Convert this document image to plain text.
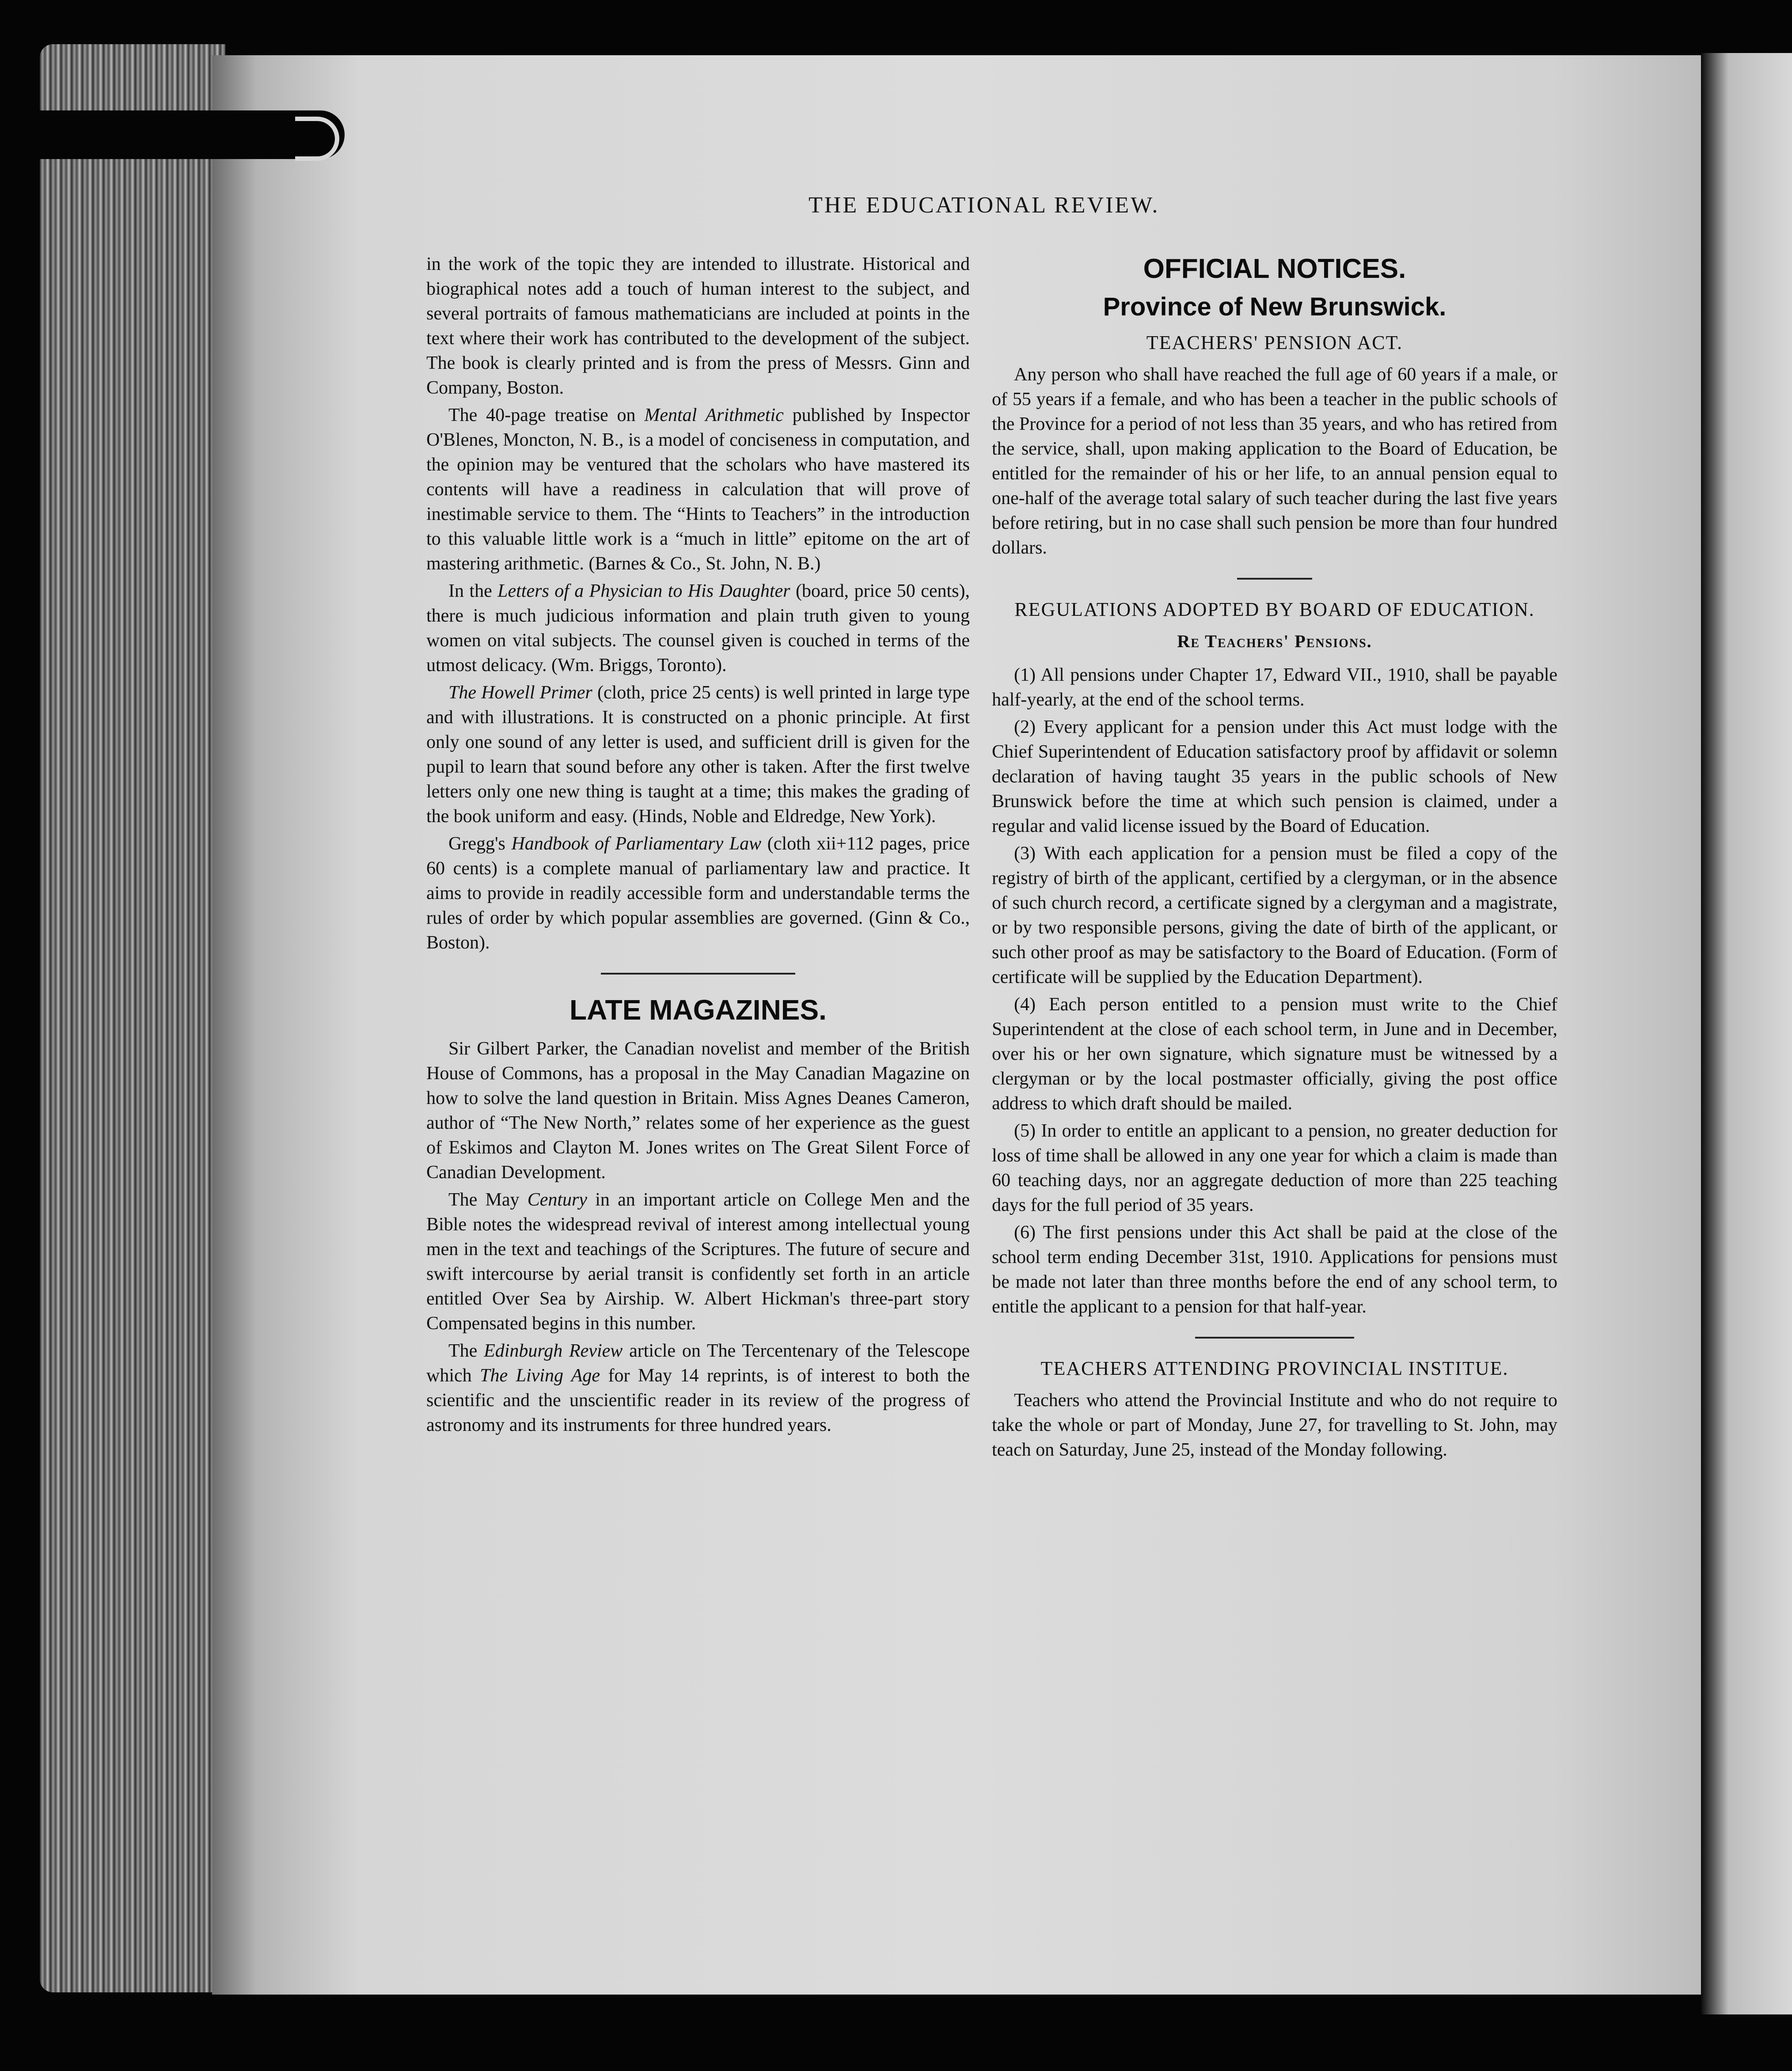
THE EDUCATIONAL REVIEW.

in the work of the topic they are intended to illustrate. Historical and biographical notes add a touch of human interest to the subject, and several portraits of famous mathematicians are included at points in the text where their work has contributed to the development of the subject. The book is clearly printed and is from the press of Messrs. Ginn and Company, Boston.

The 40-page treatise on Mental Arithmetic published by Inspector O'Blenes, Moncton, N. B., is a model of conciseness in computation, and the opinion may be ventured that the scholars who have mastered its contents will have a readiness in calculation that will prove of inestimable service to them. The “Hints to Teachers” in the introduction to this valuable little work is a “much in little” epitome on the art of mastering arithmetic. (Barnes & Co., St. John, N. B.)

In the Letters of a Physician to His Daughter (board, price 50 cents), there is much judicious information and plain truth given to young women on vital subjects. The counsel given is couched in terms of the utmost delicacy. (Wm. Briggs, Toronto).

The Howell Primer (cloth, price 25 cents) is well printed in large type and with illustrations. It is constructed on a phonic principle. At first only one sound of any letter is used, and sufficient drill is given for the pupil to learn that sound before any other is taken. After the first twelve letters only one new thing is taught at a time; this makes the grading of the book uniform and easy. (Hinds, Noble and Eldredge, New York).

Gregg's Handbook of Parliamentary Law (cloth xii+112 pages, price 60 cents) is a complete manual of parliamentary law and practice. It aims to provide in readily accessible form and understandable terms the rules of order by which popular assemblies are governed. (Ginn & Co., Boston).

LATE MAGAZINES.

Sir Gilbert Parker, the Canadian novelist and member of the British House of Commons, has a proposal in the May Canadian Magazine on how to solve the land question in Britain. Miss Agnes Deanes Cameron, author of “The New North,” relates some of her experience as the guest of Eskimos and Clayton M. Jones writes on The Great Silent Force of Canadian Development.

The May Century in an important article on College Men and the Bible notes the widespread revival of interest among intellectual young men in the text and teachings of the Scriptures. The future of secure and swift intercourse by aerial transit is confidently set forth in an article entitled Over Sea by Airship. W. Albert Hickman's three-part story Compensated begins in this number.

The Edinburgh Review article on The Tercentenary of the Telescope which The Living Age for May 14 reprints, is of interest to both the scientific and the unscientific reader in its review of the progress of astronomy and its instruments for three hundred years.

OFFICIAL NOTICES.
Province of New Brunswick.
TEACHERS' PENSION ACT.

Any person who shall have reached the full age of 60 years if a male, or of 55 years if a female, and who has been a teacher in the public schools of the Province for a period of not less than 35 years, and who has retired from the service, shall, upon making application to the Board of Education, be entitled for the remainder of his or her life, to an annual pension equal to one-half of the average total salary of such teacher during the last five years before retiring, but in no case shall such pension be more than four hundred dollars.

REGULATIONS ADOPTED BY BOARD OF EDUCATION.
Re Teachers' Pensions.

(1) All pensions under Chapter 17, Edward VII., 1910, shall be payable half-yearly, at the end of the school terms.

(2) Every applicant for a pension under this Act must lodge with the Chief Superintendent of Education satisfactory proof by affidavit or solemn declaration of having taught 35 years in the public schools of New Brunswick before the time at which such pension is claimed, under a regular and valid license issued by the Board of Education.

(3) With each application for a pension must be filed a copy of the registry of birth of the applicant, certified by a clergyman, or in the absence of such church record, a certificate signed by a clergyman and a magistrate, or by two responsible persons, giving the date of birth of the applicant, or such other proof as may be satisfactory to the Board of Education. (Form of certificate will be supplied by the Education Department).

(4) Each person entitled to a pension must write to the Chief Superintendent at the close of each school term, in June and in December, over his or her own signature, which signature must be witnessed by a clergyman or by the local postmaster officially, giving the post office address to which draft should be mailed.

(5) In order to entitle an applicant to a pension, no greater deduction for loss of time shall be allowed in any one year for which a claim is made than 60 teaching days, nor an aggregate deduction of more than 225 teaching days for the full period of 35 years.

(6) The first pensions under this Act shall be paid at the close of the school term ending December 31st, 1910. Applications for pensions must be made not later than three months before the end of any school term, to entitle the applicant to a pension for that half-year.

TEACHERS ATTENDING PROVINCIAL INSTITUE.

Teachers who attend the Provincial Institute and who do not require to take the whole or part of Monday, June 27, for travelling to St. John, may teach on Saturday, June 25, instead of the Monday following.
